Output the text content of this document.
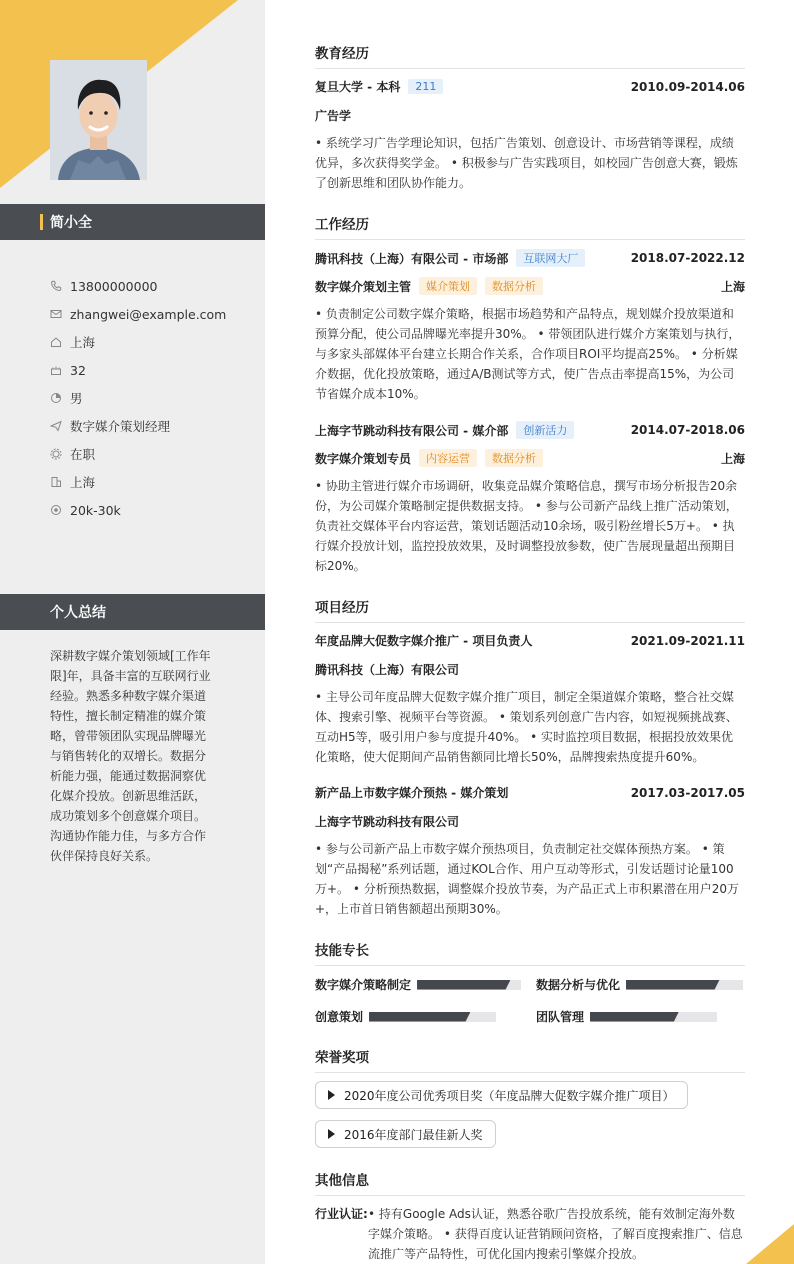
简小全
13800000000
zhangwei@example.com
上海
32
男
数字媒介策划经理
在职
上海
20k-30k
个人总结
深耕数字媒介策划领域[工作年限]年，具备丰富的互联网行业经验。熟悉多种数字媒介渠道特性，擅长制定精准的媒介策略，曾带领团队实现品牌曝光与销售转化的双增长。数据分析能力强，能通过数据洞察优化媒介投放。创新思维活跃，成功策划多个创意媒介项目。沟通协作能力佳，与多方合作伙伴保持良好关系。
教育经历
复旦大学 - 本科	211	2010.09-2014.06
广告学
• 系统学习广告学理论知识，包括广告策划、创意设计、市场营销等课程，成绩优异，多次获得奖学金。 • 积极参与广告实践项目，如校园广告创意大赛，锻炼了创新思维和团队协作能力。
工作经历
腾讯科技（上海）有限公司 - 市场部	互联网大厂	2018.07-2022.12
数字媒介策划主管	媒介策划	数据分析	上海
• 负责制定公司数字媒介策略，根据市场趋势和产品特点，规划媒介投放渠道和预算分配，使公司品牌曝光率提升30%。 • 带领团队进行媒介方案策划与执行，与多家头部媒体平台建立长期合作关系，合作项目ROI平均提高25%。 • 分析媒介数据，优化投放策略，通过A/B测试等方式，使广告点击率提高15%，为公司节省媒介成本10%。
上海字节跳动科技有限公司 - 媒介部	创新活力	2014.07-2018.06
数字媒介策划专员	内容运营	数据分析	上海
• 协助主管进行媒介市场调研，收集竞品媒介策略信息，撰写市场分析报告20余份，为公司媒介策略制定提供数据支持。 • 参与公司新产品线上推广活动策划，负责社交媒体平台内容运营，策划话题活动10余场，吸引粉丝增长5万+。 • 执行媒介投放计划，监控投放效果，及时调整投放参数，使广告展现量超出预期目标20%。
项目经历
年度品牌大促数字媒介推广 - 项目负责人	2021.09-2021.11
腾讯科技（上海）有限公司
• 主导公司年度品牌大促数字媒介推广项目，制定全渠道媒介策略，整合社交媒体、搜索引擎、视频平台等资源。 • 策划系列创意广告内容，如短视频挑战赛、互动H5等，吸引用户参与度提升40%。 • 实时监控项目数据，根据投放效果优化策略，使大促期间产品销售额同比增长50%，品牌搜索热度提升60%。
新产品上市数字媒介预热 - 媒介策划	2017.03-2017.05
上海字节跳动科技有限公司
• 参与公司新产品上市数字媒介预热项目，负责制定社交媒体预热方案。 • 策划“产品揭秘”系列话题，通过KOL合作、用户互动等形式，引发话题讨论量100万+。 • 分析预热数据，调整媒介投放节奏，为产品正式上市积累潜在用户20万+，上市首日销售额超出预期30%。
技能专长
数字媒介策略制定	数据分析与优化
创意策划	团队管理
荣誉奖项
2020年度公司优秀项目奖（年度品牌大促数字媒介推广项目）
2016年度部门最佳新人奖
其他信息
行业认证: • 持有Google Ads认证，熟悉谷歌广告投放系统，能有效制定海外数字媒介策略。 • 获得百度认证营销顾问资格，了解百度搜索推广、信息流推广等产品特性，可优化国内搜索引擎媒介投放。
